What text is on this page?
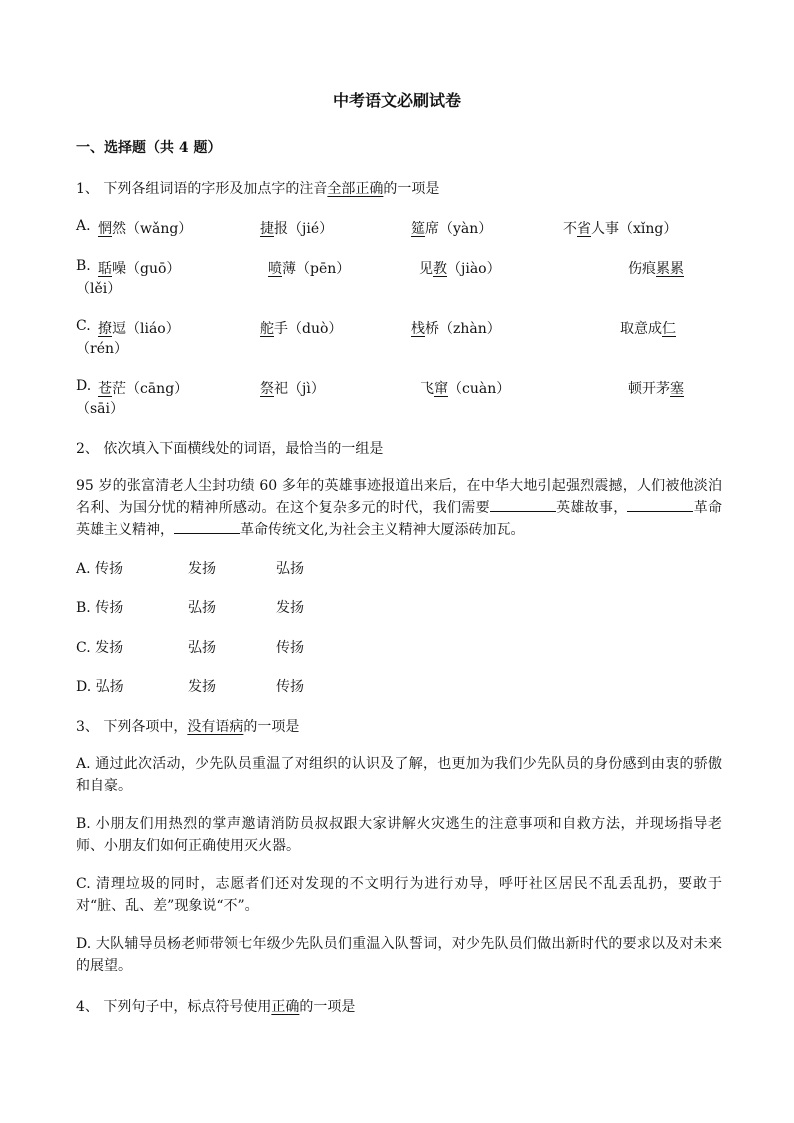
中考语文必刷试卷
一、选择题（共 4 题）
1、 下列各组词语的字形及加点字的注音全部正确的一项是
A. 惘然（wǎng）	捷报（jié）	筵席（yàn）	不省人事（xǐng）
B. 聒噪（guō）	喷薄（pēn）	见教（jiào）	伤痕累累
（lěi）
C. 撩逗（liáo）	舵手（duò）	栈桥（zhàn）	取意成仁
（rén）
D. 苍茫（cāng）	祭祀（jì）	飞窜（cuàn）	顿开茅塞
（sāi）
2、 依次填入下面横线处的词语，最恰当的一组是
95 岁的张富清老人尘封功绩 60 多年的英雄事迹报道出来后，在中华大地引起强烈震撼，人们被他淡泊名利、为国分忧的精神所感动。在这个复杂多元的时代，我们需要	英雄故事，	革命英雄主义精神，	革命传统文化,为社会主义精神大厦添砖加瓦。
A. 传扬	发扬	弘扬
B. 传扬	弘扬	发扬
C. 发扬	弘扬	传扬
D. 弘扬	发扬	传扬
3、 下列各项中，没有语病的一项是
A. 通过此次活动，少先队员重温了对组织的认识及了解，也更加为我们少先队员的身份感到由衷的骄傲和自豪。
B. 小朋友们用热烈的掌声邀请消防员叔叔跟大家讲解火灾逃生的注意事项和自救方法，并现场指导老师、小朋友们如何正确使用灭火器。
C. 清理垃圾的同时，志愿者们还对发现的不文明行为进行劝导，呼吁社区居民不乱丢乱扔，要敢于对“脏、乱、差”现象说“不”。
D. 大队辅导员杨老师带领七年级少先队员们重温入队誓词，对少先队员们做出新时代的要求以及对未来的展望。
4、 下列句子中，标点符号使用正确的一项是
